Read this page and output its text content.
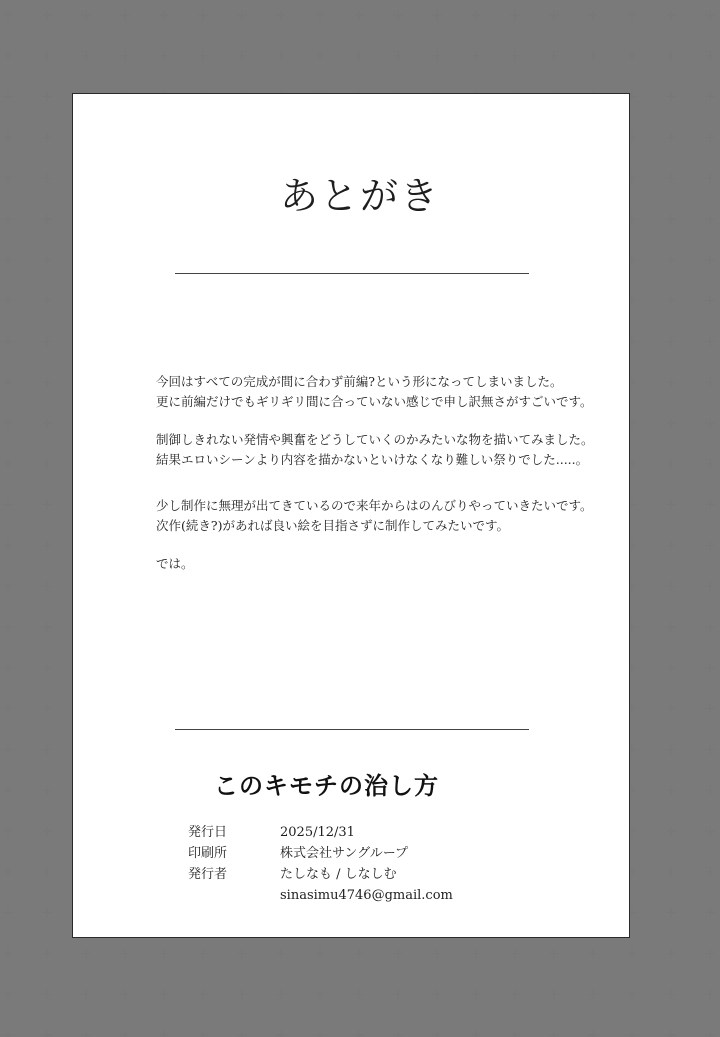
あとがき

今回はすべての完成が間に合わず前編?という形になってしまいました。
更に前編だけでもギリギリ間に合っていない感じで申し訳無さがすごいです。

制御しきれない発情や興奮をどうしていくのかみたいな物を描いてみました。
結果エロいシーンより内容を描かないといけなくなり難しい祭りでした.....。

少し制作に無理が出てきているので来年からはのんびりやっていきたいです。
次作(続き?)があれば良い絵を目指さずに制作してみたいです。

では。

このキモチの治し方
発行日	2025/12/31
印刷所	株式会社サングループ
発行者	たしなも / しなしむ
sinasimu4746@gmail.com
